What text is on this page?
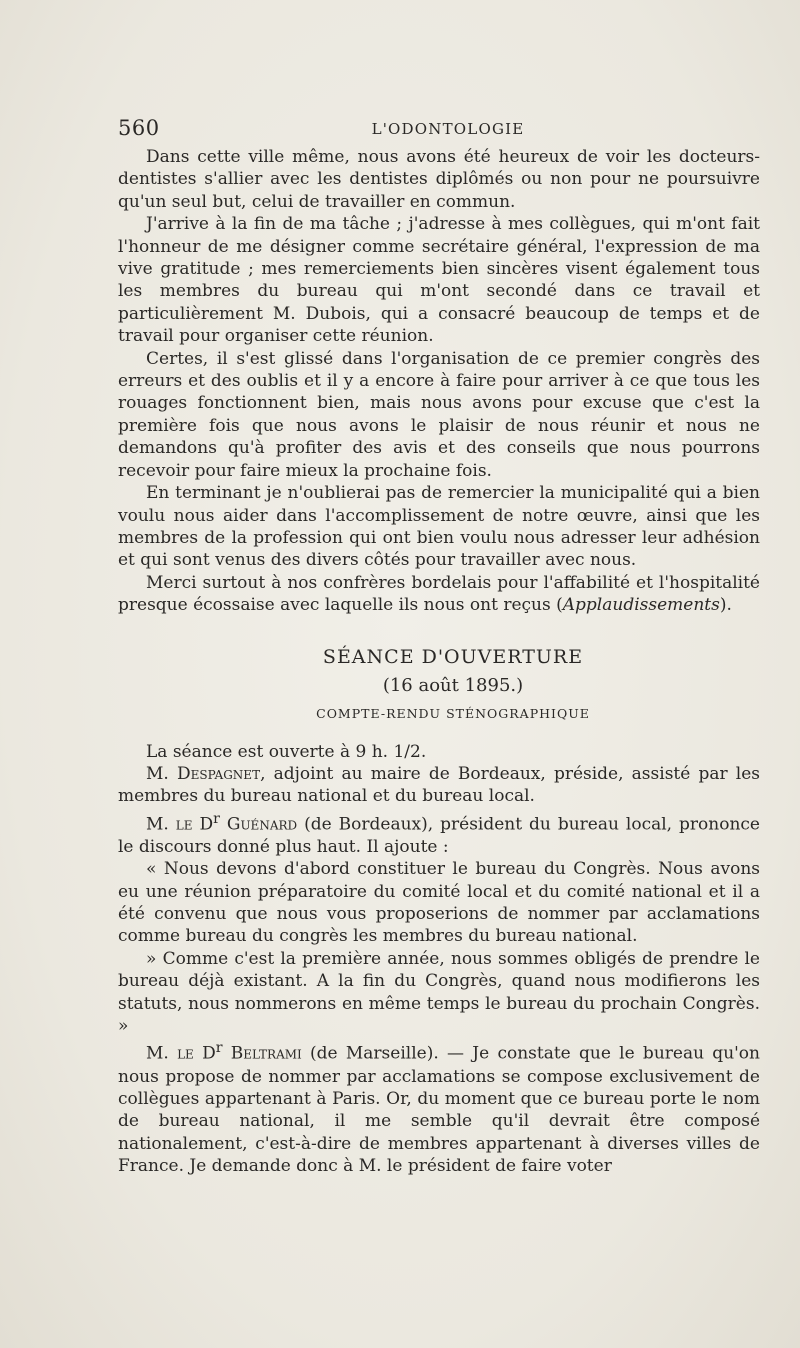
560	L'ODONTOLOGIE

Dans cette ville même, nous avons été heureux de voir les docteurs-dentistes s'allier avec les dentistes diplômés ou non pour ne poursuivre qu'un seul but, celui de travailler en commun.

J'arrive à la fin de ma tâche ; j'adresse à mes collègues, qui m'ont fait l'honneur de me désigner comme secrétaire général, l'expression de ma vive gratitude ; mes remerciements bien sincères visent également tous les membres du bureau qui m'ont secondé dans ce travail et particulièrement M. Dubois, qui a consacré beaucoup de temps et de travail pour organiser cette réunion.

Certes, il s'est glissé dans l'organisation de ce premier congrès des erreurs et des oublis et il y a encore à faire pour arriver à ce que tous les rouages fonctionnent bien, mais nous avons pour excuse que c'est la première fois que nous avons le plaisir de nous réunir et nous ne demandons qu'à profiter des avis et des conseils que nous pourrons recevoir pour faire mieux la prochaine fois.

En terminant je n'oublierai pas de remercier la municipalité qui a bien voulu nous aider dans l'accomplissement de notre œuvre, ainsi que les membres de la profession qui ont bien voulu nous adresser leur adhésion et qui sont venus des divers côtés pour travailler avec nous.

Merci surtout à nos confrères bordelais pour l'affabilité et l'hospitalité presque écossaise avec laquelle ils nous ont reçus (Applaudissements).

SÉANCE D'OUVERTURE

(16 août 1895.)

COMPTE-RENDU STÉNOGRAPHIQUE

La séance est ouverte à 9 h. 1/2.

M. Despagnet, adjoint au maire de Bordeaux, préside, assisté par les membres du bureau national et du bureau local.

M. le $D^r$ Guénard (de Bordeaux), président du bureau local, prononce le discours donné plus haut. Il ajoute :

« Nous devons d'abord constituer le bureau du Congrès. Nous avons eu une réunion préparatoire du comité local et du comité national et il a été convenu que nous vous proposerions de nommer par acclamations comme bureau du congrès les membres du bureau national.

» Comme c'est la première année, nous sommes obligés de prendre le bureau déjà existant. A la fin du Congrès, quand nous modifierons les statuts, nous nommerons en même temps le bureau du prochain Congrès. »

M. le $D^r$ Beltrami (de Marseille). — Je constate que le bureau qu'on nous propose de nommer par acclamations se compose exclusivement de collègues appartenant à Paris. Or, du moment que ce bureau porte le nom de bureau national, il me semble qu'il devrait être composé nationalement, c'est-à-dire de membres appartenant à diverses villes de France. Je demande donc à M. le président de faire voter
